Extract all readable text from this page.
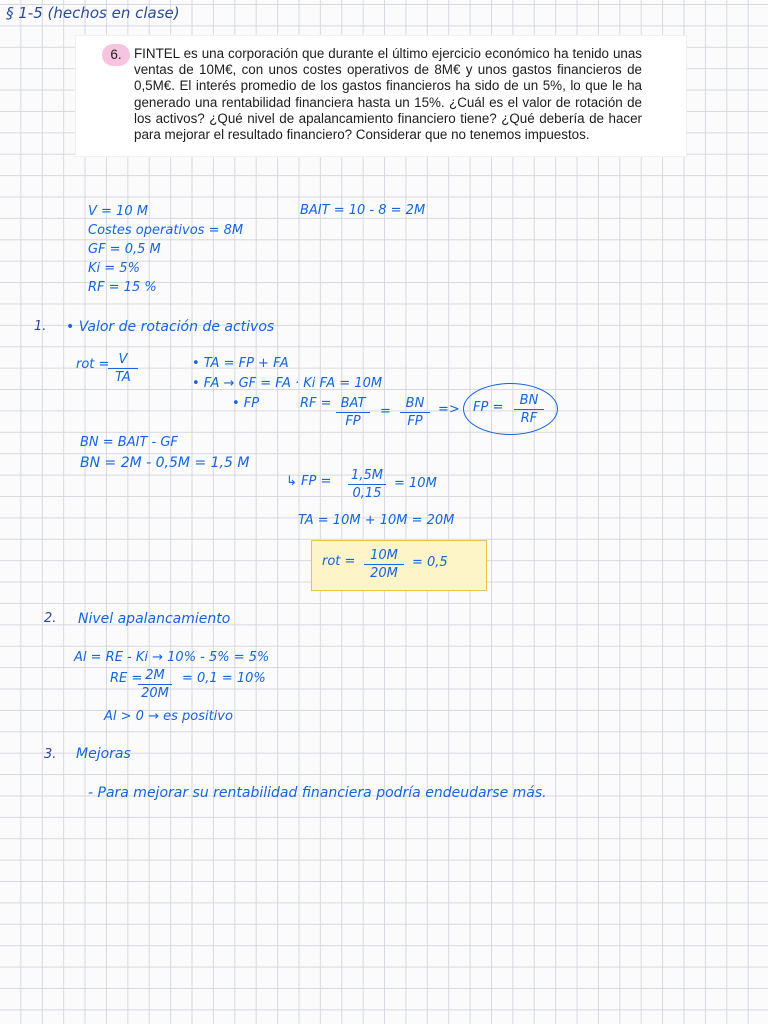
§ 1-5 (hechos en clase)
6. FINTEL es una corporación que durante el último ejercicio económico ha tenido unas ventas de 10M€, con unos costes operativos de 8M€ y unos gastos financieros de 0,5M€. El interés promedio de los gastos financieros ha sido de un 5%, lo que le ha generado una rentabilidad financiera hasta un 15%. ¿Cuál es el valor de rotación de los activos? ¿Qué nivel de apalancamiento financiero tiene? ¿Qué debería de hacer para mejorar el resultado financiero? Considerar que no tenemos impuestos.
V = 10 M
Costes operativos = 8M
GF = 0,5 M
Ki = 5%
RF = 15 %
BAIT = 10 - 8 = 2M
1. • Valor de rotación de activos
rot = V
TA
• TA = FP + FA
• FA → GF = FA · Ki FA = 10M
• FP	RF = BAT
FP
=
BN
FP
=> FP =	BN
RF
BN = BAIT - GF
BN = 2M - 0,5M = 1,5 M
↳ FP = 1,5M
0,15
= 10M
TA = 10M + 10M = 20M
rot =	10M
20M
= 0,5
2. Nivel apalancamiento
Al = RE - Ki → 10% - 5% = 5%
RE = 2M
20M
= 0,1 = 10%
Al > 0 → es positivo
3. Mejoras
- Para mejorar su rentabilidad financiera podría endeudarse más.
